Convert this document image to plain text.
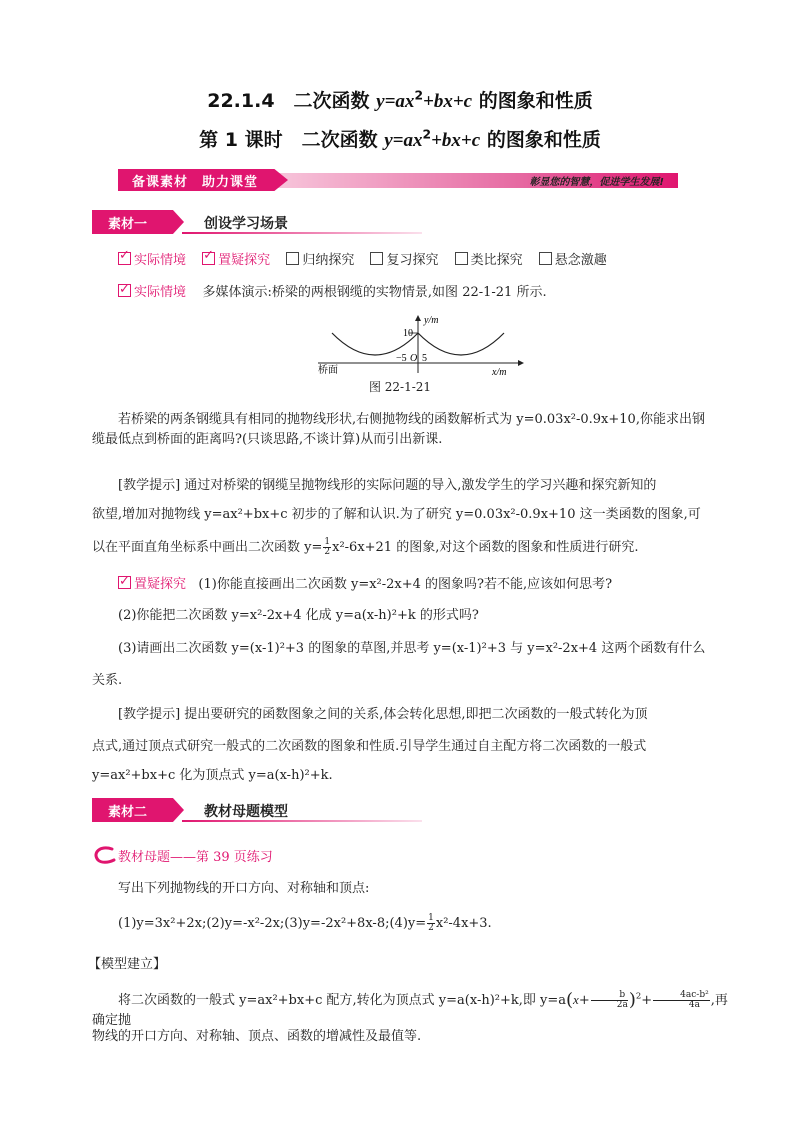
22.1.4　二次函数 $y=ax^2+bx+c$ 的图象和性质
第 1 课时　二次函数 $y=ax^2+bx+c$ 的图象和性质
备课素材　助力课堂	彰显您的智慧，促进学生发展!
素材一	创设学习场景
✓实际情境 ✓ 置疑探究 归纳探究 复习探究 类比探究 悬念激趣
✓实际情境 多媒体演示:桥梁的两根钢缆的实物情景,如图 22-1-21 所示.
y/m
x/m
桥面
10
−5 O 5
图 22-1-21
若桥梁的两条钢缆具有相同的抛物线形状,右侧抛物线的函数解析式为 y=0.03x²-0.9x+10,你能求出钢缆最低点到桥面的距离吗?(只谈思路,不谈计算)从而引出新课.
[教学提示] 通过对桥梁的钢缆呈抛物线形的实际问题的导入,激发学生的学习兴趣和探究新知的
欲望,增加对抛物线 y=ax²+bx+c 初步的了解和认识.为了研究 y=0.03x²-0.9x+10 这一类函数的图象,可
以在平面直角坐标系中画出二次函数 $y= \frac{1}{2} x^2-6x+21$ 的图象,对这个函数的图象和性质进行研究.
✓置疑探究 (1)你能直接画出二次函数 y=x²-2x+4 的图象吗?若不能,应该如何思考?
(2)你能把二次函数 y=x²-2x+4 化成 y=a(x-h)²+k 的形式吗?
(3)请画出二次函数 y=(x-1)²+3 的图象的草图,并思考 y=(x-1)²+3 与 y=x²-2x+4 这两个函数有什么
关系.
[教学提示] 提出要研究的函数图象之间的关系,体会转化思想,即把二次函数的一般式转化为顶
点式,通过顶点式研究一般式的二次函数的图象和性质.引导学生通过自主配方将二次函数的一般式
y=ax²+bx+c 化为顶点式 y=a(x-h)²+k.
素材二	教材母题模型
教材母题——第 39 页练习
写出下列抛物线的开口方向、对称轴和顶点:
(1)y=3x²+2x;(2)y=-x²-2x;(3)y=-2x²+8x-8;(4)y= $\frac{1}{2} x^2-4x+3$.
【模型建立】
将二次函数的一般式 y=ax²+bx+c 配方,转化为顶点式 y=a(x-h)²+k,即 $y=a(x+ \frac{b}{2a} )^2+ \frac{\text{4ac-b²}}{4a}$ ,再确定抛
物线的开口方向、对称轴、顶点、函数的增减性及最值等.
